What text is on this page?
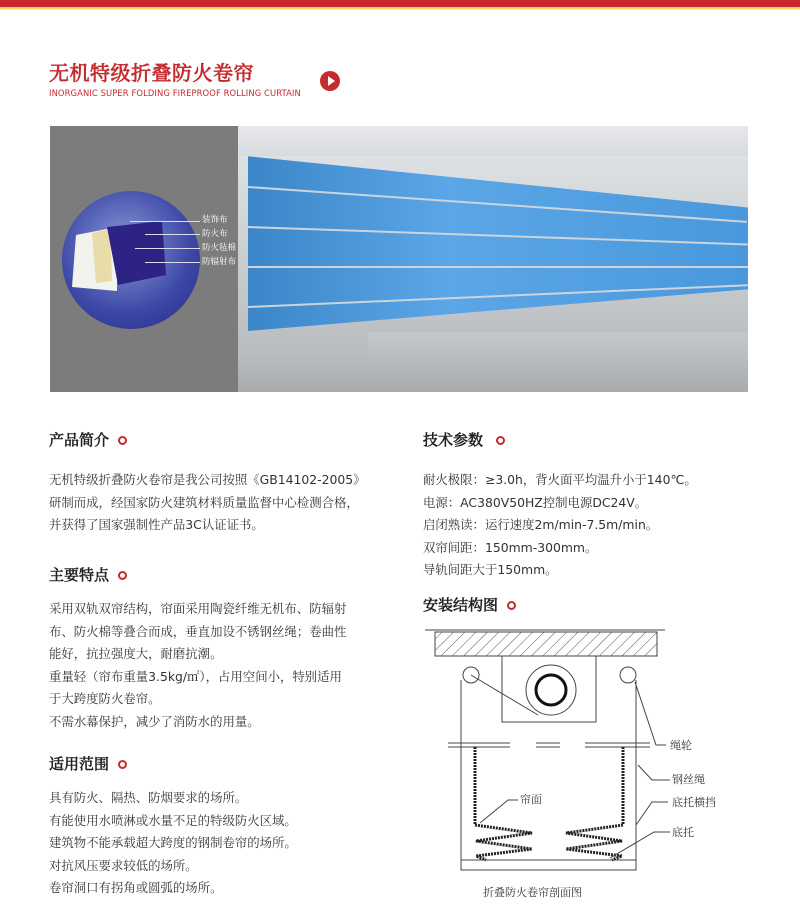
无机特级折叠防火卷帘
INORGANIC SUPER FOLDING FIREPROOF ROLLING CURTAIN
装饰布
防火布
防火毡棉
防辐射布
产品简介
无机特级折叠防火卷帘是我公司按照《GB14102-2005》
研制而成，经国家防火建筑材料质量监督中心检测合格，
并获得了国家强制性产品3C认证证书。
主要特点
采用双轨双帘结构，帘面采用陶瓷纤维无机布、防辐射
布、防火棉等叠合而成，垂直加设不锈钢丝绳；卷曲性
能好，抗拉强度大，耐磨抗潮。
重量轻（帘布重量3.5kg/㎡），占用空间小，特别适用
于大跨度防火卷帘。
不需水幕保护，减少了消防水的用量。
适用范围
具有防火、隔热、防烟要求的场所。
有能使用水喷淋或水量不足的特级防火区域。
建筑物不能承载超大跨度的钢制卷帘的场所。
对抗风压要求较低的场所。
卷帘洞口有拐角或圆弧的场所。
技术参数
耐火极限：≥3.0h，背火面平均温升小于140℃。
电源：AC380V50HZ控制电源DC24V。
启闭熟读：运行速度2m/min-7.5m/min。
双帘间距：150mm-300mm。
导轨间距大于150mm。
安装结构图
绳轮
钢丝绳
底托横挡
底托
帘面
折叠防火卷帘剖面图
